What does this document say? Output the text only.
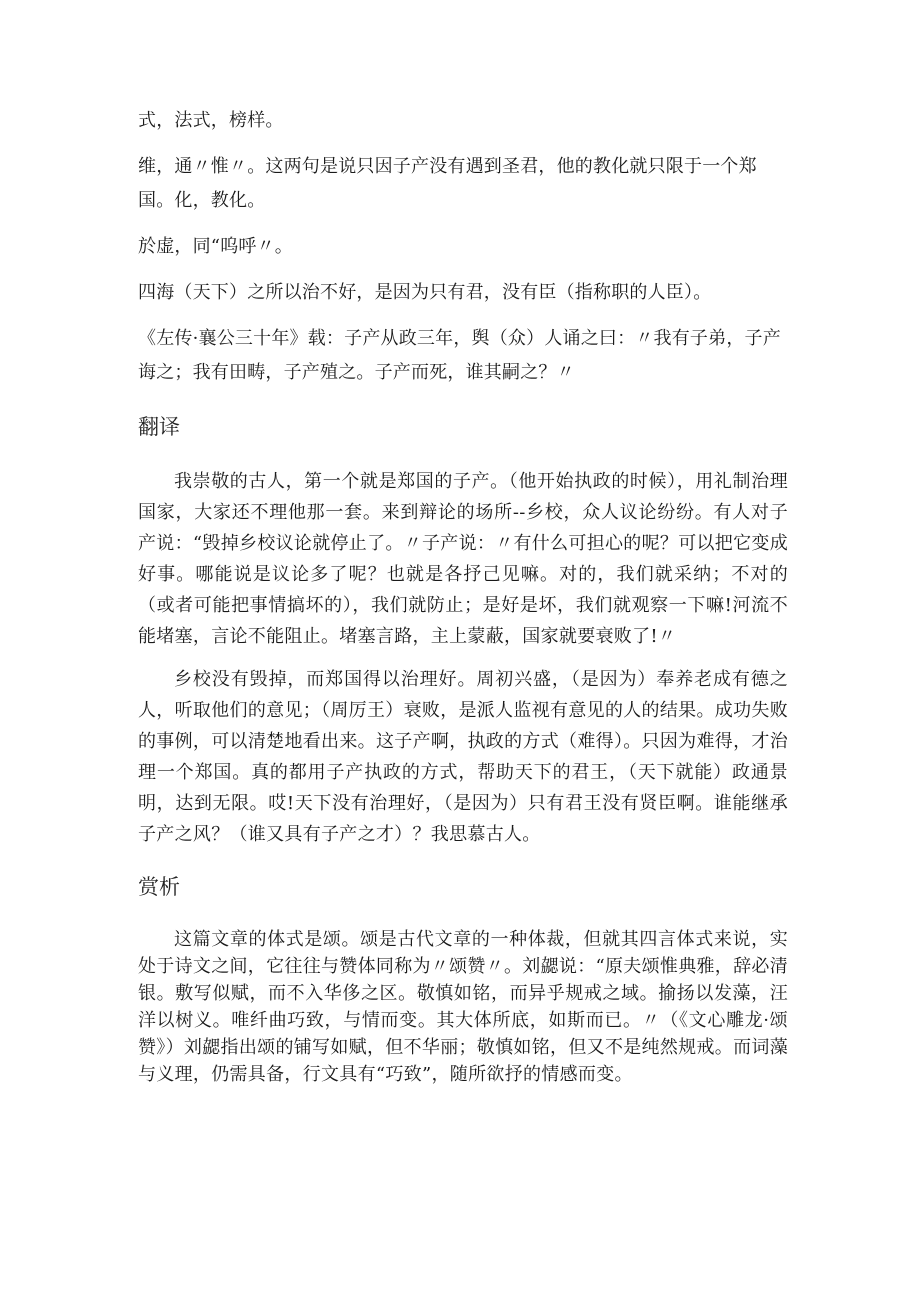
式，法式，榜样。

维，通〃惟〃。这两句是说只因子产没有遇到圣君，他的教化就只限于一个郑国。化，教化。

於虚，同“呜呼〃。

四海（天下）之所以治不好，是因为只有君，没有臣（指称职的人臣）。

《左传·襄公三十年》载：子产从政三年，舆（众）人诵之曰：〃我有子弟，子产诲之；我有田畴，子产殖之。子产而死，谁其嗣之？〃

翻译

我崇敬的古人，第一个就是郑国的子产。（他开始执政的时候），用礼制治理国家，大家还不理他那一套。来到辩论的场所--乡校，众人议论纷纷。有人对子产说：“毁掉乡校议论就停止了。〃子产说：〃有什么可担心的呢？可以把它变成好事。哪能说是议论多了呢？也就是各抒己见嘛。对的，我们就采纳；不对的（或者可能把事情搞坏的），我们就防止；是好是坏，我们就观察一下嘛!河流不能堵塞，言论不能阻止。堵塞言路，主上蒙蔽，国家就要衰败了!〃

乡校没有毁掉，而郑国得以治理好。周初兴盛，（是因为）奉养老成有德之人，听取他们的意见；（周厉王）衰败，是派人监视有意见的人的结果。成功失败的事例，可以清楚地看出来。这子产啊，执政的方式（难得）。只因为难得，才治理一个郑国。真的都用子产执政的方式，帮助天下的君王，（天下就能）政通景明，达到无限。哎!天下没有治理好，（是因为）只有君王没有贤臣啊。谁能继承子产之风？（谁又具有子产之才）？我思慕古人。

赏析

这篇文章的体式是颂。颂是古代文章的一种体裁，但就其四言体式来说，实处于诗文之间，它往往与赞体同称为〃颂赞〃。刘勰说：“原夫颂惟典雅，辞必清银。敷写似赋，而不入华侈之区。敬慎如铭，而异乎规戒之域。揄扬以发藻，汪洋以树义。唯纤曲巧致，与情而变。其大体所底，如斯而已。〃（《文心雕龙·颂赞》）刘勰指出颂的铺写如赋，但不华丽；敬慎如铭，但又不是纯然规戒。而词藻与义理，仍需具备，行文具有“巧致”，随所欲抒的情感而变。
